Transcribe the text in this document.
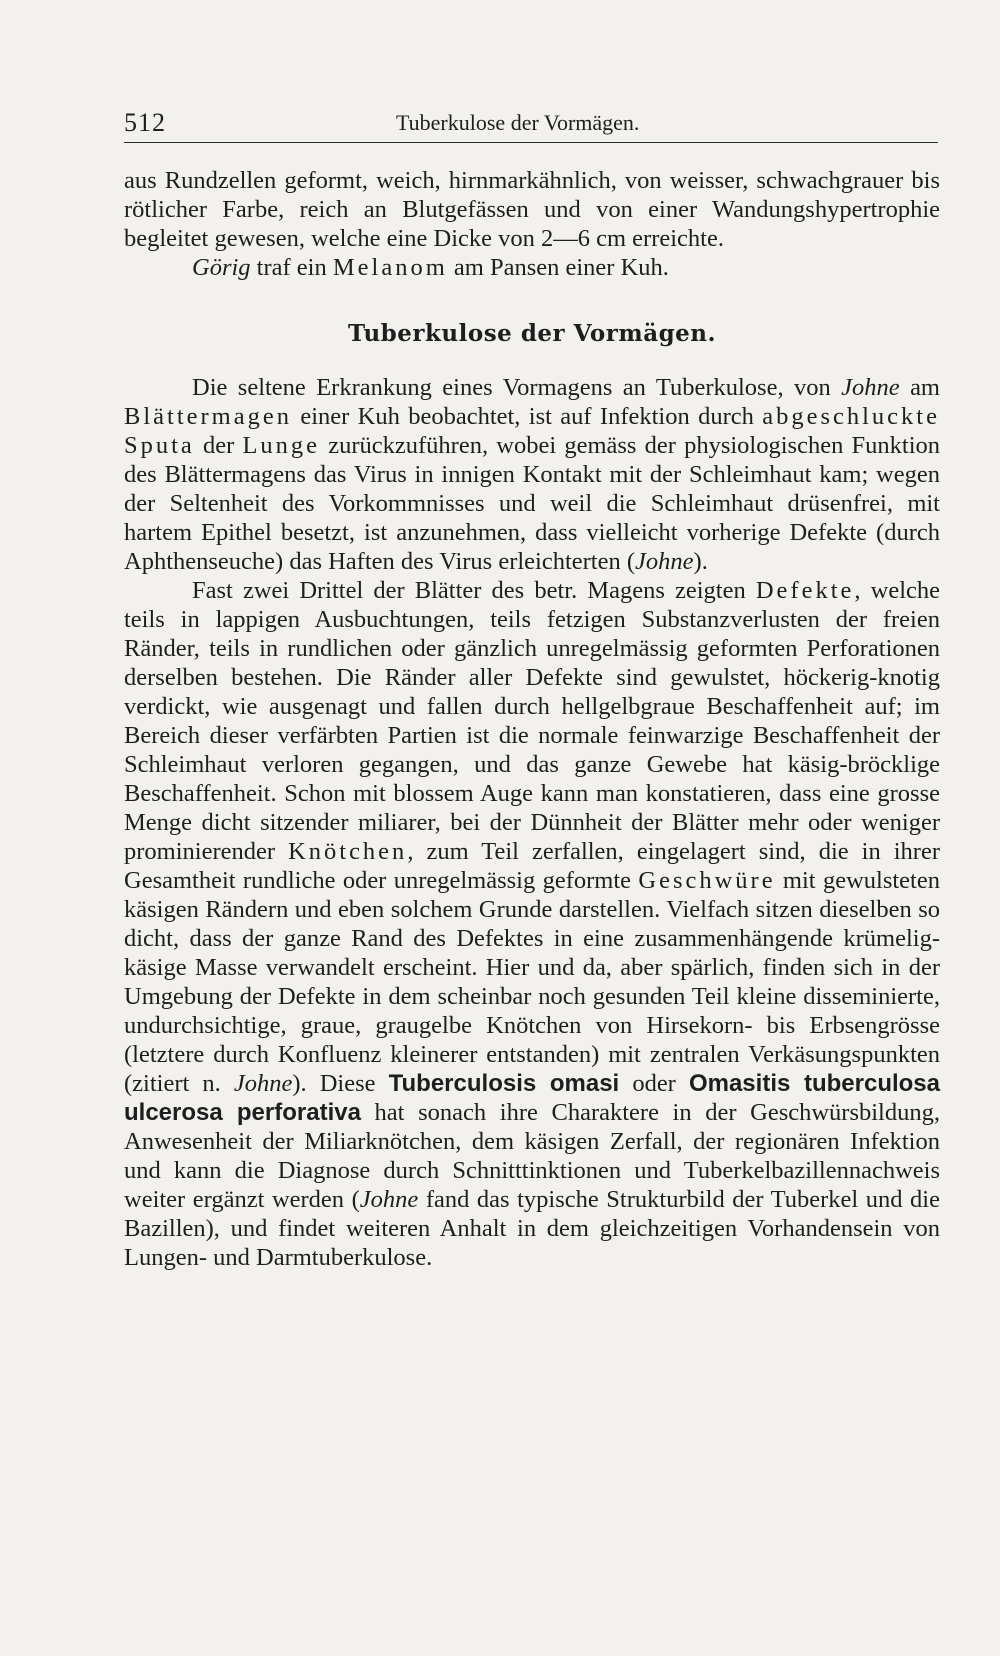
512	Tuberkulose der Vormägen.

aus Rundzellen geformt, weich, hirnmarkähnlich, von weisser, schwachgrauer bis rötlicher Farbe, reich an Blutgefässen und von einer Wandungshypertrophie begleitet gewesen, welche eine Dicke von 2—6 cm erreichte.

Görig traf ein Melanom am Pansen einer Kuh.

Tuberkulose der Vormägen.

Die seltene Erkrankung eines Vormagens an Tuberkulose, von Johne am Blättermagen einer Kuh beobachtet, ist auf Infektion durch abgeschluckte Sputa der Lunge zurückzuführen, wobei gemäss der physiologischen Funktion des Blättermagens das Virus in innigen Kontakt mit der Schleimhaut kam; wegen der Seltenheit des Vorkommnisses und weil die Schleimhaut drüsenfrei, mit hartem Epithel besetzt, ist anzunehmen, dass vielleicht vorherige Defekte (durch Aphthenseuche) das Haften des Virus erleichterten (Johne).

Fast zwei Drittel der Blätter des betr. Magens zeigten Defekte, welche teils in lappigen Ausbuchtungen, teils fetzigen Substanzverlusten der freien Ränder, teils in rundlichen oder gänzlich unregelmässig geformten Perforationen derselben bestehen. Die Ränder aller Defekte sind gewulstet, höckerig-knotig verdickt, wie ausgenagt und fallen durch hellgelbgraue Beschaffenheit auf; im Bereich dieser verfärbten Partien ist die normale feinwarzige Beschaffenheit der Schleimhaut verloren gegangen, und das ganze Gewebe hat käsig-bröcklige Beschaffenheit. Schon mit blossem Auge kann man konstatieren, dass eine grosse Menge dicht sitzender miliarer, bei der Dünnheit der Blätter mehr oder weniger prominierender Knötchen, zum Teil zerfallen, eingelagert sind, die in ihrer Gesamtheit rundliche oder unregelmässig geformte Geschwüre mit gewulsteten käsigen Rändern und eben solchem Grunde darstellen. Vielfach sitzen dieselben so dicht, dass der ganze Rand des Defektes in eine zusammenhängende krümelig-käsige Masse verwandelt erscheint. Hier und da, aber spärlich, finden sich in der Umgebung der Defekte in dem scheinbar noch gesunden Teil kleine disseminierte, undurchsichtige, graue, graugelbe Knötchen von Hirsekorn- bis Erbsengrösse (letztere durch Konfluenz kleinerer entstanden) mit zentralen Verkäsungspunkten (zitiert n. Johne). Diese Tuberculosis omasi oder Omasitis tuberculosa ulcerosa perforativa hat sonach ihre Charaktere in der Geschwürsbildung, Anwesenheit der Miliarknötchen, dem käsigen Zerfall, der regionären Infektion und kann die Diagnose durch Schnitttinktionen und Tuberkelbazillennachweis weiter ergänzt werden (Johne fand das typische Strukturbild der Tuberkel und die Bazillen), und findet weiteren Anhalt in dem gleichzeitigen Vorhandensein von Lungen- und Darmtuberkulose.
